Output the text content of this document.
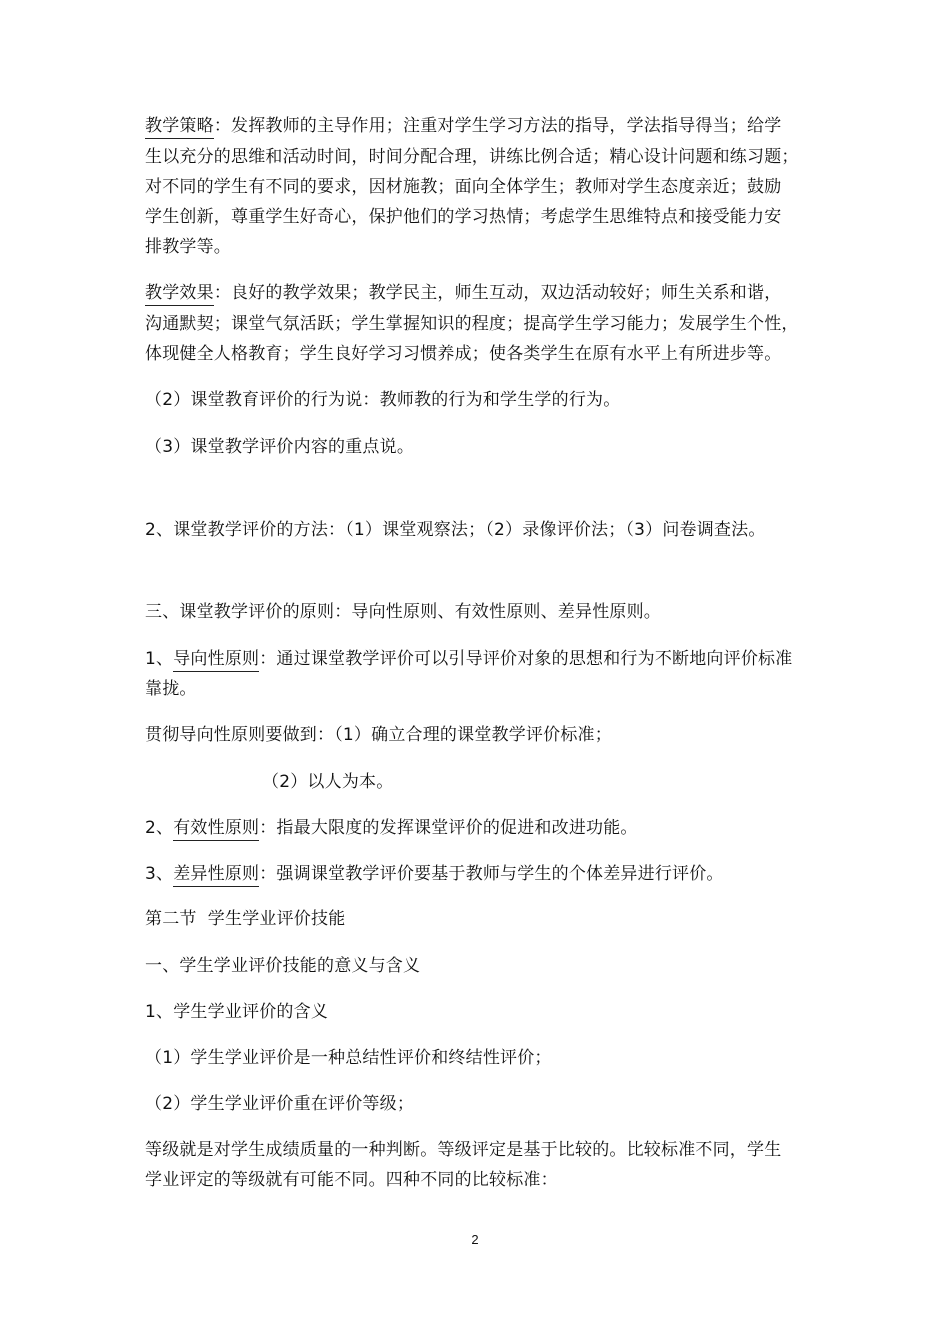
教学策略：发挥教师的主导作用；注重对学生学习方法的指导，学法指导得当；给学
生以充分的思维和活动时间，时间分配合理，讲练比例合适；精心设计问题和练习题；
对不同的学生有不同的要求，因材施教；面向全体学生；教师对学生态度亲近；鼓励
学生创新，尊重学生好奇心，保护他们的学习热情；考虑学生思维特点和接受能力安
排教学等。
教学效果：良好的教学效果；教学民主，师生互动，双边活动较好；师生关系和谐，
沟通默契；课堂气氛活跃；学生掌握知识的程度；提高学生学习能力；发展学生个性，
体现健全人格教育；学生良好学习习惯养成；使各类学生在原有水平上有所进步等。
（2）课堂教育评价的行为说：教师教的行为和学生学的行为。
（3）课堂教学评价内容的重点说。
2、课堂教学评价的方法：（1）课堂观察法；（2）录像评价法；（3）问卷调查法。
三、课堂教学评价的原则：导向性原则、有效性原则、差异性原则。
1、导向性原则：通过课堂教学评价可以引导评价对象的思想和行为不断地向评价标准
靠拢。
贯彻导向性原则要做到：（1）确立合理的课堂教学评价标准；
（2）以人为本。
2、有效性原则：指最大限度的发挥课堂评价的促进和改进功能。
3、差异性原则：强调课堂教学评价要基于教师与学生的个体差异进行评价。
第二节  学生学业评价技能
一、学生学业评价技能的意义与含义
1、学生学业评价的含义
（1）学生学业评价是一种总结性评价和终结性评价；
（2）学生学业评价重在评价等级；
等级就是对学生成绩质量的一种判断。等级评定是基于比较的。比较标准不同，学生
学业评定的等级就有可能不同。四种不同的比较标准：
2
